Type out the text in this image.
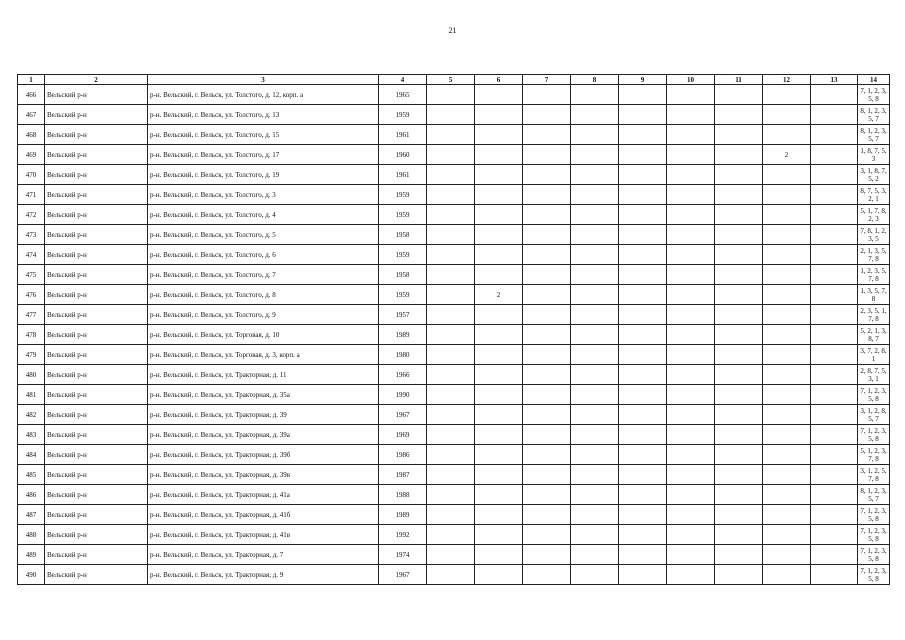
21
1	2	3	4	5	6	7	8	9	10	11	12	13	14
466	Вельский р-н	р-н. Вельский, г. Вельск, ул. Толстого, д. 12, корп. а	1965										7, 1, 2, 3, 5, 8
467	Вельский р-н	р-н. Вельский, г. Вельск, ул. Толстого, д. 13	1959										8, 1, 2, 3, 5, 7
468	Вельский р-н	р-н. Вельский, г. Вельск, ул. Толстого, д. 15	1961										8, 1, 2, 3, 5, 7
469	Вельский р-н	р-н. Вельский, г. Вельск, ул. Толстого, д. 17	1960								2		1, 8, 7, 5, 3
470	Вельский р-н	р-н. Вельский, г. Вельск, ул. Толстого, д. 19	1961										3, 1, 8, 7, 5, 2
471	Вельский р-н	р-н. Вельский, г. Вельск, ул. Толстого, д. 3	1959										8, 7, 5, 3, 2, 1
472	Вельский р-н	р-н. Вельский, г. Вельск, ул. Толстого, д. 4	1959										5, 1, 7, 8, 2, 3
473	Вельский р-н	р-н. Вельский, г. Вельск, ул. Толстого, д. 5	1958										7, 8, 1, 2, 3, 5
474	Вельский р-н	р-н. Вельский, г. Вельск, ул. Толстого, д. 6	1959										2, 1, 3, 5, 7, 8
475	Вельский р-н	р-н. Вельский, г. Вельск, ул. Толстого, д. 7	1958										1, 2, 3, 5, 7, 8
476	Вельский р-н	р-н. Вельский, г. Вельск, ул. Толстого, д. 8	1959		2								1, 3, 5, 7, 8
477	Вельский р-н	р-н. Вельский, г. Вельск, ул. Толстого, д. 9	1957										2, 3, 5, 1, 7, 8
478	Вельский р-н	р-н. Вельский, г. Вельск, ул. Торговая, д. 10	1989										5, 2, 1, 3, 8, 7
479	Вельский р-н	р-н. Вельский, г. Вельск, ул. Торговая, д. 3, корп. а	1980										3, 7, 2, 8, 1
480	Вельский р-н	р-н. Вельский, г. Вельск, ул. Тракторная, д. 11	1966										2, 8, 7, 5, 3, 1
481	Вельский р-н	р-н. Вельский, г. Вельск, ул. Тракторная, д. 35а	1990										7, 1, 2, 3, 5, 8
482	Вельский р-н	р-н. Вельский, г. Вельск, ул. Тракторная, д. 39	1967										3, 1, 2, 8, 5, 7
483	Вельский р-н	р-н. Вельский, г. Вельск, ул. Тракторная, д. 39а	1969										7, 1, 2, 3, 5, 8
484	Вельский р-н	р-н. Вельский, г. Вельск, ул. Тракторная, д. 39б	1986										5, 1, 2, 3, 7, 8
485	Вельский р-н	р-н. Вельский, г. Вельск, ул. Тракторная, д. 39в	1987										3, 1, 2, 5, 7, 8
486	Вельский р-н	р-н. Вельский, г. Вельск, ул. Тракторная, д. 41а	1988										8, 1, 2, 3, 5, 7
487	Вельский р-н	р-н. Вельский, г. Вельск, ул. Тракторная, д. 41б	1989										7, 1, 2, 3, 5, 8
488	Вельский р-н	р-н. Вельский, г. Вельск, ул. Тракторная, д. 41в	1992										7, 1, 2, 3, 5, 8
489	Вельский р-н	р-н. Вельский, г. Вельск, ул. Тракторная, д. 7	1974										7, 1, 2, 3, 5, 8
490	Вельский р-н	р-н. Вельский, г. Вельск, ул. Тракторная, д. 9	1967										7, 1, 2, 3, 5, 8
